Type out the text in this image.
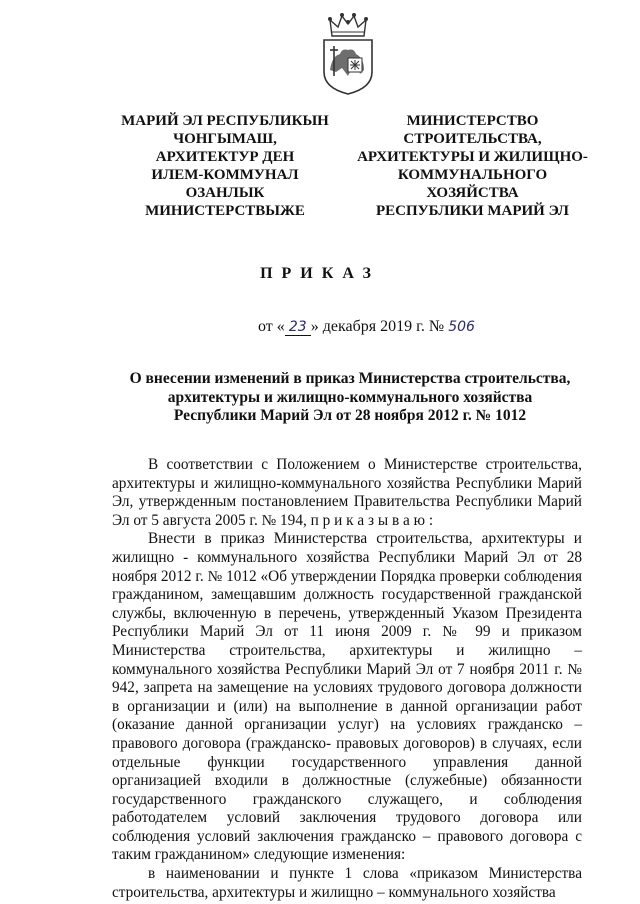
МАРИЙ ЭЛ РЕСПУБЛИКЫН
ЧОНГЫМАШ,
АРХИТЕКТУР ДЕН
ИЛЕМ-КОММУНАЛ
ОЗАНЛЫК
МИНИСТЕРСТВЫЖЕ
МИНИСТЕРСТВО
СТРОИТЕЛЬСТВА,
АРХИТЕКТУРЫ И ЖИЛИЩНО-
КОММУНАЛЬНОГО
ХОЗЯЙСТВА
РЕСПУБЛИКИ МАРИЙ ЭЛ

ПРИКАЗ

от « 23 » декабря 2019 г. № 506

О внесении изменений в приказ Министерства строительства,
архитектуры и жилищно-коммунального хозяйства
Республики Марий Эл от 28 ноября 2012 г. № 1012

В соответствии с Положением о Министерстве строительства, архитектуры и жилищно-коммунального хозяйства Республики Марий Эл, утвержденным постановлением Правительства Республики Марий Эл от 5 августа 2005 г. № 194, п р и к а з ы в а ю :

Внести в приказ Министерства строительства, архитектуры и жилищно - коммунального хозяйства Республики Марий Эл от 28 ноября 2012 г. № 1012 «Об утверждении Порядка проверки соблюдения гражданином, замещавшим должность государственной гражданской службы, включенную в перечень, утвержденный Указом Президента Республики Марий Эл от 11 июня 2009 г. № 99 и приказом Министерства строительства, архитектуры и жилищно – коммунального хозяйства Республики Марий Эл от 7 ноября 2011 г. № 942, запрета на замещение на условиях трудового договора должности в организации и (или) на выполнение в данной организации работ (оказание данной организации услуг) на условиях гражданско – правового договора (гражданско- правовых договоров) в случаях, если отдельные функции государственного управления данной организацией входили в должностные (служебные) обязанности государственного гражданского служащего, и соблюдения работодателем условий заключения трудового договора или соблюдения условий заключения гражданско – правового договора с таким гражданином» следующие изменения:

в наименовании и пункте 1 слова «приказом Министерства строительства, архитектуры и жилищно – коммунального хозяйства
